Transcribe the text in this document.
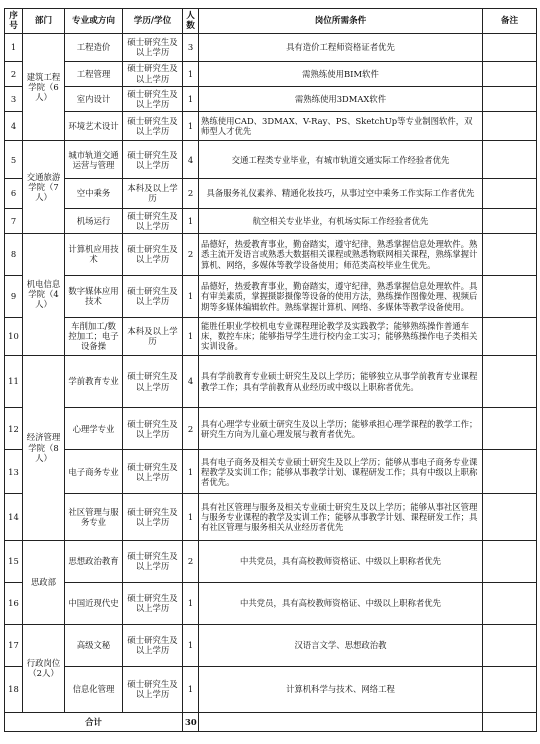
序号	部门	专业或方向	学历/学位	人数	岗位所需条件	备注
1	建筑工程学院（6人）	工程造价	硕士研究生及以上学历	3	具有造价工程师资格证者优先	
2		工程管理	硕士研究生及以上学历	1	需熟练使用BIM软件	
3		室内设计	硕士研究生及以上学历	1	需熟练使用3DMAX软件	
4		环境艺术设计	硕士研究生及以上学历	1	熟练使用CAD、3DMAX、V-Ray、PS、SketchUp等专业制图软件，双师型人才优先	
5	交通旅游学院（7人）	城市轨道交通运营与管理	硕士研究生及以上学历	4	交通工程类专业毕业，有城市轨道交通实际工作经验者优先	
6		空中乘务	本科及以上学历	2	具备服务礼仪素养、精通化妆技巧，从事过空中乘务工作实际工作者优先	
7		机场运行	硕士研究生及以上学历	1	航空相关专业毕业，有机场实际工作经验者优先	
8	机电信息学院（4人）	计算机应用技术	硕士研究生及以上学历	2	品德好，热爱教育事业，勤奋踏实，遵守纪律，熟悉掌握信息处理软件。熟悉主流开发语言或熟悉大数据相关课程或熟悉物联网相关课程，熟练掌握计算机、网络，多媒体等教学设备使用；师范类高校毕业生优先。	
9		数字媒体应用技术	硕士研究生及以上学历	1	品德好，热爱教育事业，勤奋踏实，遵守纪律，熟悉掌握信息处理软件。具有审美素质，掌握摄影摄像等设备的使用方法，熟练操作图像处理、视频后期等多媒体编辑软件。熟练掌握计算机、网络、多媒体等教学设备使用。	
10		车削加工/数控加工；电子设备操	本科及以上学历	1	能胜任职业学校机电专业课程理论教学及实践教学；能够熟练操作普通车床，数控车床；能够指导学生进行校内金工实习；能够熟练操作电子类相关实训设备。	
11	经济管理学院（8人）	学前教育专业	硕士研究生及以上学历	4	具有学前教育专业硕士研究生及以上学历；能够独立从事学前教育专业课程教学工作；具有学前教育从业经历或中级以上职称者优先。	
12		心理学专业	硕士研究生及以上学历	2	具有心理学专业硕士研究生及以上学历；能够承担心理学课程的教学工作；研究生方向为儿童心理发展与教育者优先。	
13		电子商务专业	硕士研究生及以上学历	1	具有电子商务及相关专业硕士研究生及以上学历；能够从事电子商务专业课程教学及实训工作；能够从事教学计划、课程研发工作；具有中级以上职称者优先。	
14		社区管理与服务专业	硕士研究生及以上学历	1	具有社区管理与服务及相关专业硕士研究生及以上学历；能够从事社区管理与服务专业课程的教学及实训工作；能够从事教学计划、课程研发工作；具有社区管理与服务相关从业经历者优先	
15	思政部	思想政治教育	硕士研究生及以上学历	2	中共党员，具有高校教师资格证、中级以上职称者优先	
16		中国近现代史	硕士研究生及以上学历	1	中共党员，具有高校教师资格证、中级以上职称者优先	
17	行政岗位（2人）	高级文秘	硕士研究生及以上学历	1	汉语言文学、思想政治教	
18		信息化管理	硕士研究生及以上学历	1	计算机科学与技术、网络工程	
合计				30		
